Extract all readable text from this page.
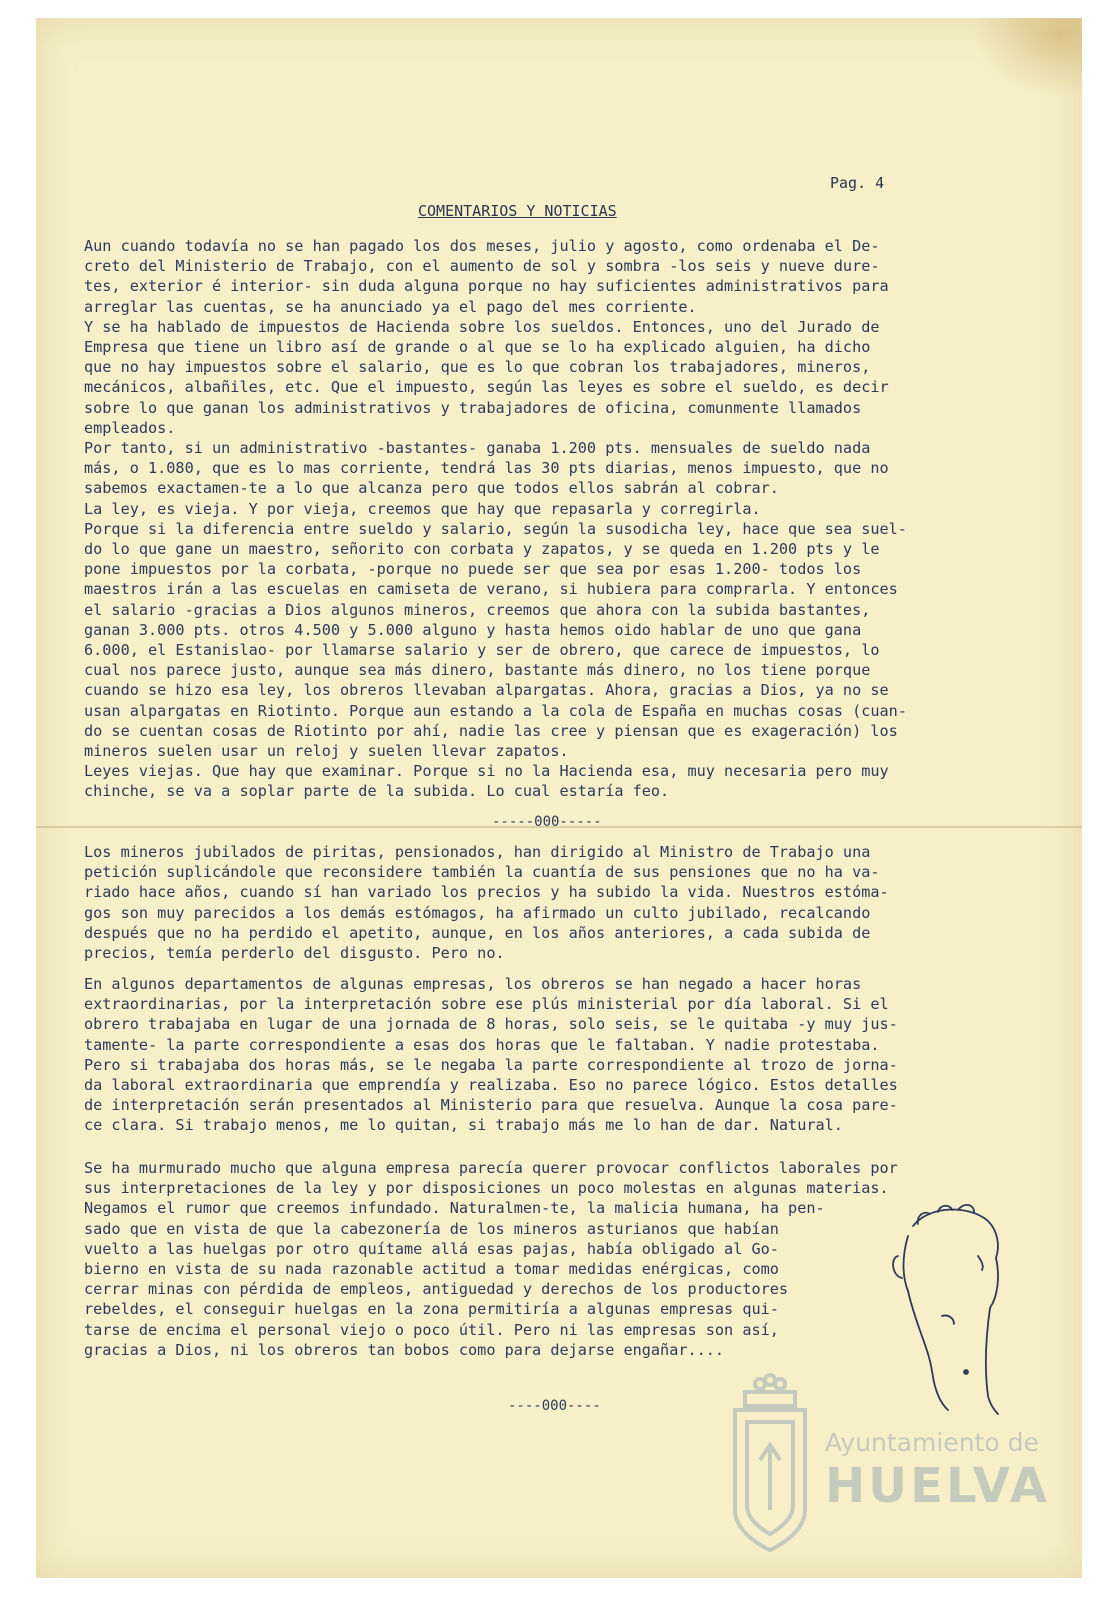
Pag. 4
COMENTARIOS Y NOTICIAS

Aun cuando todavía no se han pagado los dos meses, julio y agosto, como ordenaba el De-

creto del Ministerio de Trabajo, con el aumento de sol y sombra -los seis y nueve dure-

tes, exterior é interior- sin duda alguna porque no hay suficientes administrativos para

arreglar las cuentas, se ha anunciado ya el pago del mes corriente.

Y se ha hablado de impuestos de Hacienda sobre los sueldos. Entonces, uno del Jurado de

Empresa que tiene un libro así de grande o al que se lo ha explicado alguien, ha dicho

que no hay impuestos sobre el salario, que es lo que cobran los trabajadores, mineros,

mecánicos, albañiles, etc. Que el impuesto, según las leyes es sobre el sueldo, es decir

sobre lo que ganan los administrativos y trabajadores de oficina, comunmente llamados

empleados.

Por tanto, si un administrativo -bastantes- ganaba 1.200 pts. mensuales de sueldo nada

más, o 1.080, que es lo mas corriente, tendrá las 30 pts diarias, menos impuesto, que no

sabemos exactamen-te a lo que alcanza pero que todos ellos sabrán al cobrar.

La ley, es vieja. Y por vieja, creemos que hay que repasarla y corregirla.

Porque si la diferencia entre sueldo y salario, según la susodicha ley, hace que sea suel-

do lo que gane un maestro, señorito con corbata y zapatos, y se queda en 1.200 pts y le

pone impuestos por la corbata, -porque no puede ser que sea por esas 1.200- todos los

maestros irán a las escuelas en camiseta de verano, si hubiera para comprarla. Y entonces

el salario -gracias a Dios algunos mineros, creemos que ahora con la subida bastantes,

ganan 3.000 pts. otros 4.500 y 5.000 alguno y hasta hemos oido hablar de uno que gana

6.000, el Estanislao- por llamarse salario y ser de obrero, que carece de impuestos, lo

cual nos parece justo, aunque sea más dinero, bastante más dinero, no los tiene porque

cuando se hizo esa ley, los obreros llevaban alpargatas. Ahora, gracias a Dios, ya no se

usan alpargatas en Riotinto. Porque aun estando a la cola de España en muchas cosas (cuan-

do se cuentan cosas de Riotinto por ahí, nadie las cree y piensan que es exageración) los

mineros suelen usar un reloj y suelen llevar zapatos.

Leyes viejas. Que hay que examinar. Porque si no la Hacienda esa, muy necesaria pero muy

chinche, se va a soplar parte de la subida. Lo cual estaría feo.

-----000-----

Los mineros jubilados de piritas, pensionados, han dirigido al Ministro de Trabajo una

petición suplicándole que reconsidere también la cuantía de sus pensiones que no ha va-

riado hace años, cuando sí han variado los precios y ha subido la vida. Nuestros estóma-

gos son muy parecidos a los demás estómagos, ha afirmado un culto jubilado, recalcando

después que no ha perdido el apetito, aunque, en los años anteriores, a cada subida de

precios, temía perderlo del disgusto. Pero no.

En algunos departamentos de algunas empresas, los obreros se han negado a hacer horas

extraordinarias, por la interpretación sobre ese plús ministerial por día laboral. Si el

obrero trabajaba en lugar de una jornada de 8 horas, solo seis, se le quitaba -y muy jus-

tamente- la parte correspondiente a esas dos horas que le faltaban. Y nadie protestaba.

Pero si trabajaba dos horas más, se le negaba la parte correspondiente al trozo de jorna-

da laboral extraordinaria que emprendía y realizaba. Eso no parece lógico. Estos detalles

de interpretación serán presentados al Ministerio para que resuelva. Aunque la cosa pare-

ce clara. Si trabajo menos, me lo quitan, si trabajo más me lo han de dar. Natural.

Se ha murmurado mucho que alguna empresa parecía querer provocar conflictos laborales por

sus interpretaciones de la ley y por disposiciones un poco molestas en algunas materias.

Negamos el rumor que creemos infundado. Naturalmen-te, la malicia humana, ha pen-

sado que en vista de que la cabezonería de los mineros asturianos que habían

vuelto a las huelgas por otro quítame allá esas pajas, había obligado al Go-

bierno en vista de su nada razonable actitud a tomar medidas enérgicas, como

cerrar minas con pérdida de empleos, antiguedad y derechos de los productores

rebeldes, el conseguir huelgas en la zona permitiría a algunas empresas qui-

tarse de encima el personal viejo o poco útil. Pero ni las empresas son así,

gracias a Dios, ni los obreros tan bobos como para dejarse engañar....

----000----
Ayuntamiento de
HUELVA
